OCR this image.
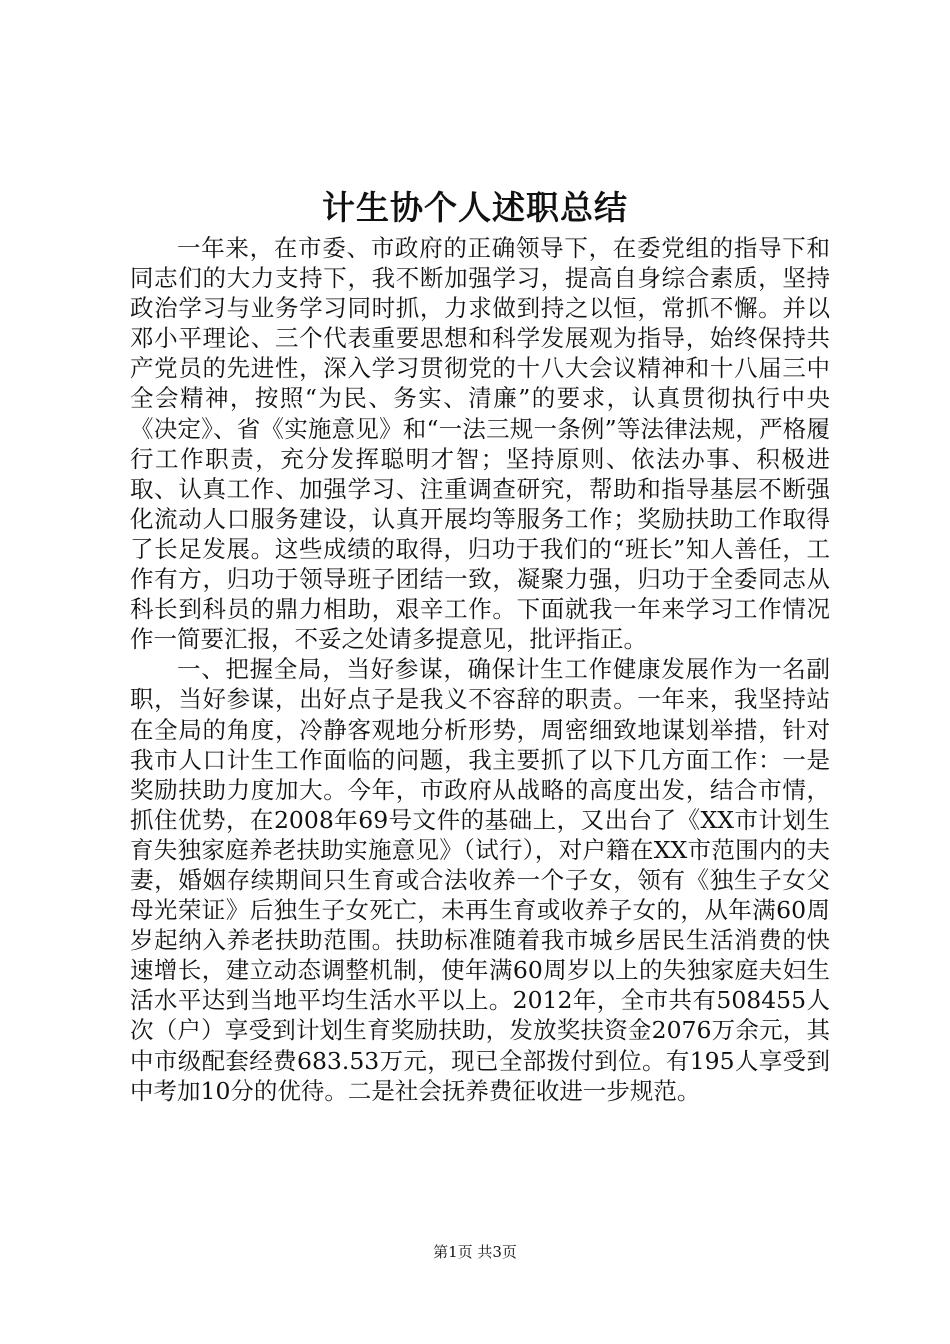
计生协个人述职总结

一年来，在市委、市政府的正确领导下，在委党组的指导下和同志们的大力支持下，我不断加强学习，提高自身综合素质，坚持政治学习与业务学习同时抓，力求做到持之以恒，常抓不懈。并以邓小平理论、三个代表重要思想和科学发展观为指导，始终保持共产党员的先进性，深入学习贯彻党的十八大会议精神和十八届三中全会精神，按照“为民、务实、清廉”的要求，认真贯彻执行中央《决定》、省《实施意见》和“一法三规一条例”等法律法规，严格履行工作职责，充分发挥聪明才智；坚持原则、依法办事、积极进取、认真工作、加强学习、注重调查研究，帮助和指导基层不断强化流动人口服务建设，认真开展均等服务工作；奖励扶助工作取得了长足发展。这些成绩的取得，归功于我们的“班长”知人善任，工作有方，归功于领导班子团结一致，凝聚力强，归功于全委同志从科长到科员的鼎力相助，艰辛工作。下面就我一年来学习工作情况作一简要汇报，不妥之处请多提意见，批评指正。

一、把握全局，当好参谋，确保计生工作健康发展作为一名副职，当好参谋，出好点子是我义不容辞的职责。一年来，我坚持站在全局的角度，冷静客观地分析形势，周密细致地谋划举措，针对我市人口计生工作面临的问题，我主要抓了以下几方面工作：一是奖励扶助力度加大。今年，市政府从战略的高度出发，结合市情，抓住优势，在2008年69号文件的基础上，又出台了《XX市计划生育失独家庭养老扶助实施意见》（试行），对户籍在XX市范围内的夫妻，婚姻存续期间只生育或合法收养一个子女，领有《独生子女父母光荣证》后独生子女死亡，未再生育或收养子女的，从年满60周岁起纳入养老扶助范围。扶助标准随着我市城乡居民生活消费的快速增长，建立动态调整机制，使年满60周岁以上的失独家庭夫妇生活水平达到当地平均生活水平以上。2012年，全市共有508455人次（户）享受到计划生育奖励扶助，发放奖扶资金2076万余元，其中市级配套经费683.53万元，现已全部拨付到位。有195人享受到中考加10分的优待。二是社会抚养费征收进一步规范。

第1页 共3页
